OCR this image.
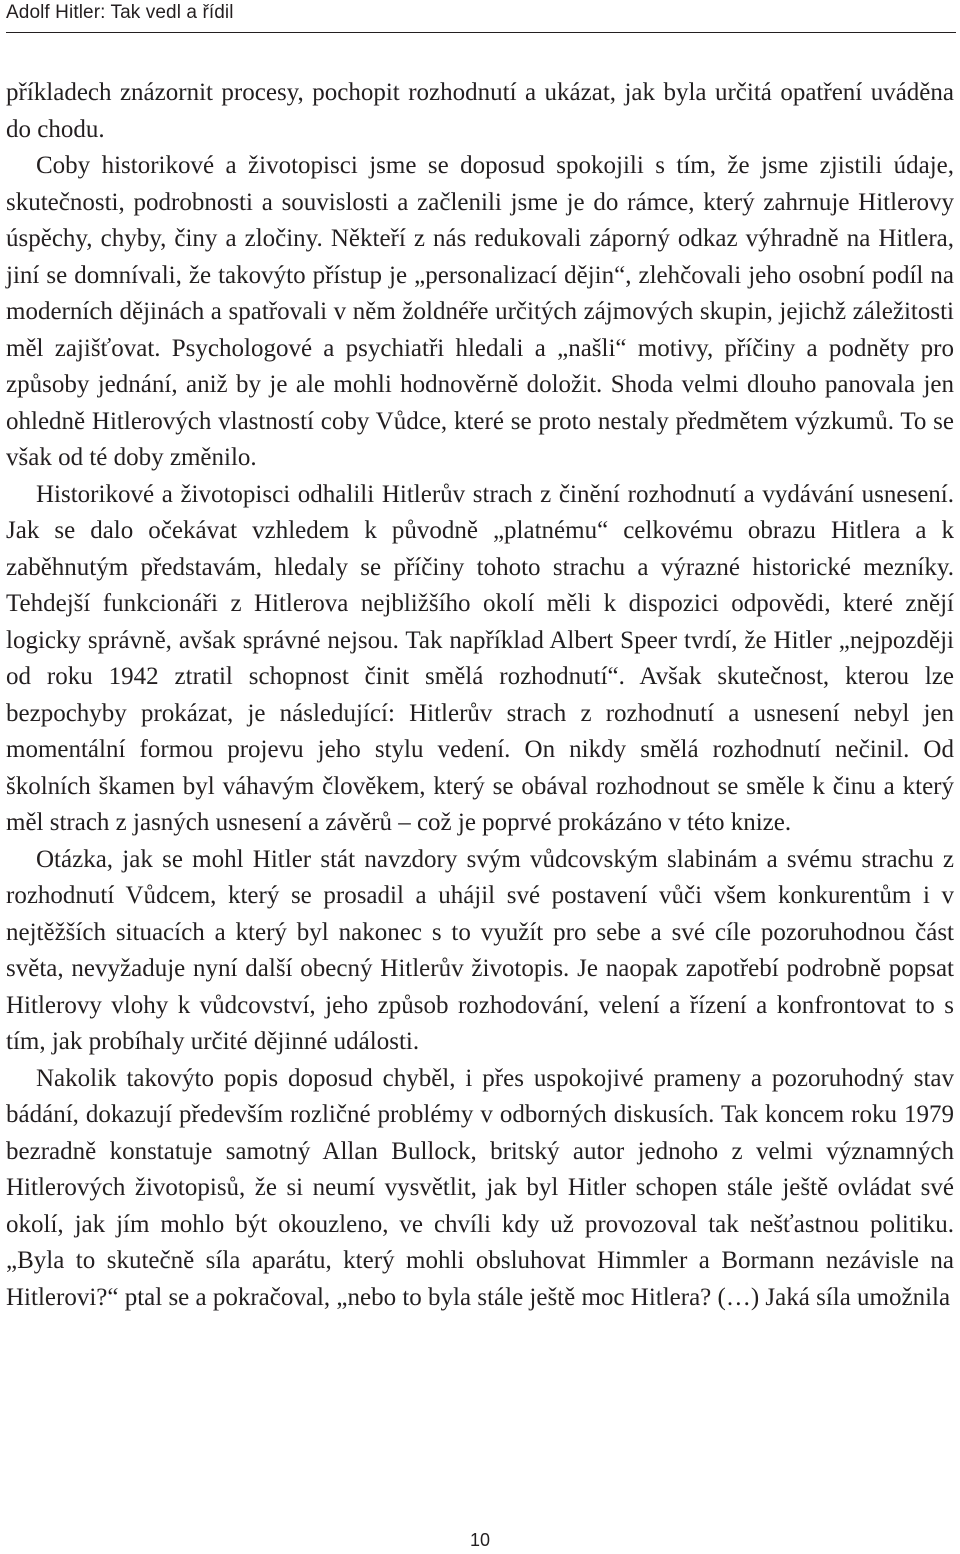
Adolf Hitler: Tak vedl a řídil

příkladech znázornit procesy, pochopit rozhodnutí a ukázat, jak byla určitá opatření uváděna do chodu.

Coby historikové a životopisci jsme se doposud spokojili s tím, že jsme zjistili údaje, skutečnosti, podrobnosti a souvislosti a začlenili jsme je do rámce, který zahrnuje Hitlerovy úspěchy, chyby, činy a zločiny. Někteří z nás redukovali záporný odkaz výhradně na Hitlera, jiní se domnívali, že takovýto přístup je „personalizací dějin“, zlehčovali jeho osobní podíl na moderních dějinách a spatřovali v něm žoldnéře určitých zájmových skupin, jejichž záležitosti měl zajišťovat. Psychologové a psychiatři hledali a „našli“ motivy, příčiny a podněty pro způsoby jednání, aniž by je ale mohli hodnověrně doložit. Shoda velmi dlouho panovala jen ohledně Hitlerových vlastností coby Vůdce, které se proto nestaly předmětem výzkumů. To se však od té doby změnilo.

Historikové a životopisci odhalili Hitlerův strach z činění rozhodnutí a vydávání usnesení. Jak se dalo očekávat vzhledem k původně „platnému“ celkovému obrazu Hitlera a k zaběhnutým představám, hledaly se příčiny tohoto strachu a výrazné historické mezníky. Tehdejší funkcionáři z Hitlerova nejbližšího okolí měli k dispozici odpovědi, které znějí logicky správně, avšak správné nejsou. Tak například Albert Speer tvrdí, že Hitler „nejpozději od roku 1942 ztratil schopnost činit smělá rozhodnutí“. Avšak skutečnost, kterou lze bezpochyby prokázat, je následující: Hitlerův strach z rozhodnutí a usnesení nebyl jen momentální formou projevu jeho stylu vedení. On nikdy smělá rozhodnutí nečinil. Od školních škamen byl váhavým člověkem, který se obával rozhodnout se směle k činu a který měl strach z jasných usnesení a závěrů – což je poprvé prokázáno v této knize.

Otázka, jak se mohl Hitler stát navzdory svým vůdcovským slabinám a svému strachu z rozhodnutí Vůdcem, který se prosadil a uhájil své postavení vůči všem konkurentům i v nejtěžších situacích a který byl nakonec s to využít pro sebe a své cíle pozoruhodnou část světa, nevyžaduje nyní další obecný Hitlerův životopis. Je naopak zapotřebí podrobně popsat Hitlerovy vlohy k vůdcovství, jeho způsob rozhodování, velení a řízení a konfrontovat to s tím, jak probíhaly určité dějinné události.

Nakolik takovýto popis doposud chyběl, i přes uspokojivé prameny a pozoruhodný stav bádání, dokazují především rozličné problémy v odborných diskusích. Tak koncem roku 1979 bezradně konstatuje samotný Allan Bullock, britský autor jednoho z velmi významných Hitlerových životopisů, že si neumí vysvětlit, jak byl Hitler schopen stále ještě ovládat své okolí, jak jím mohlo být okouzleno, ve chvíli kdy už provozoval tak nešťastnou politiku. „Byla to skutečně síla aparátu, který mohli obsluhovat Himmler a Bormann nezávisle na Hitlerovi?“ ptal se a pokračoval, „nebo to byla stále ještě moc Hitlera? (…) Jaká síla umožnila

10
